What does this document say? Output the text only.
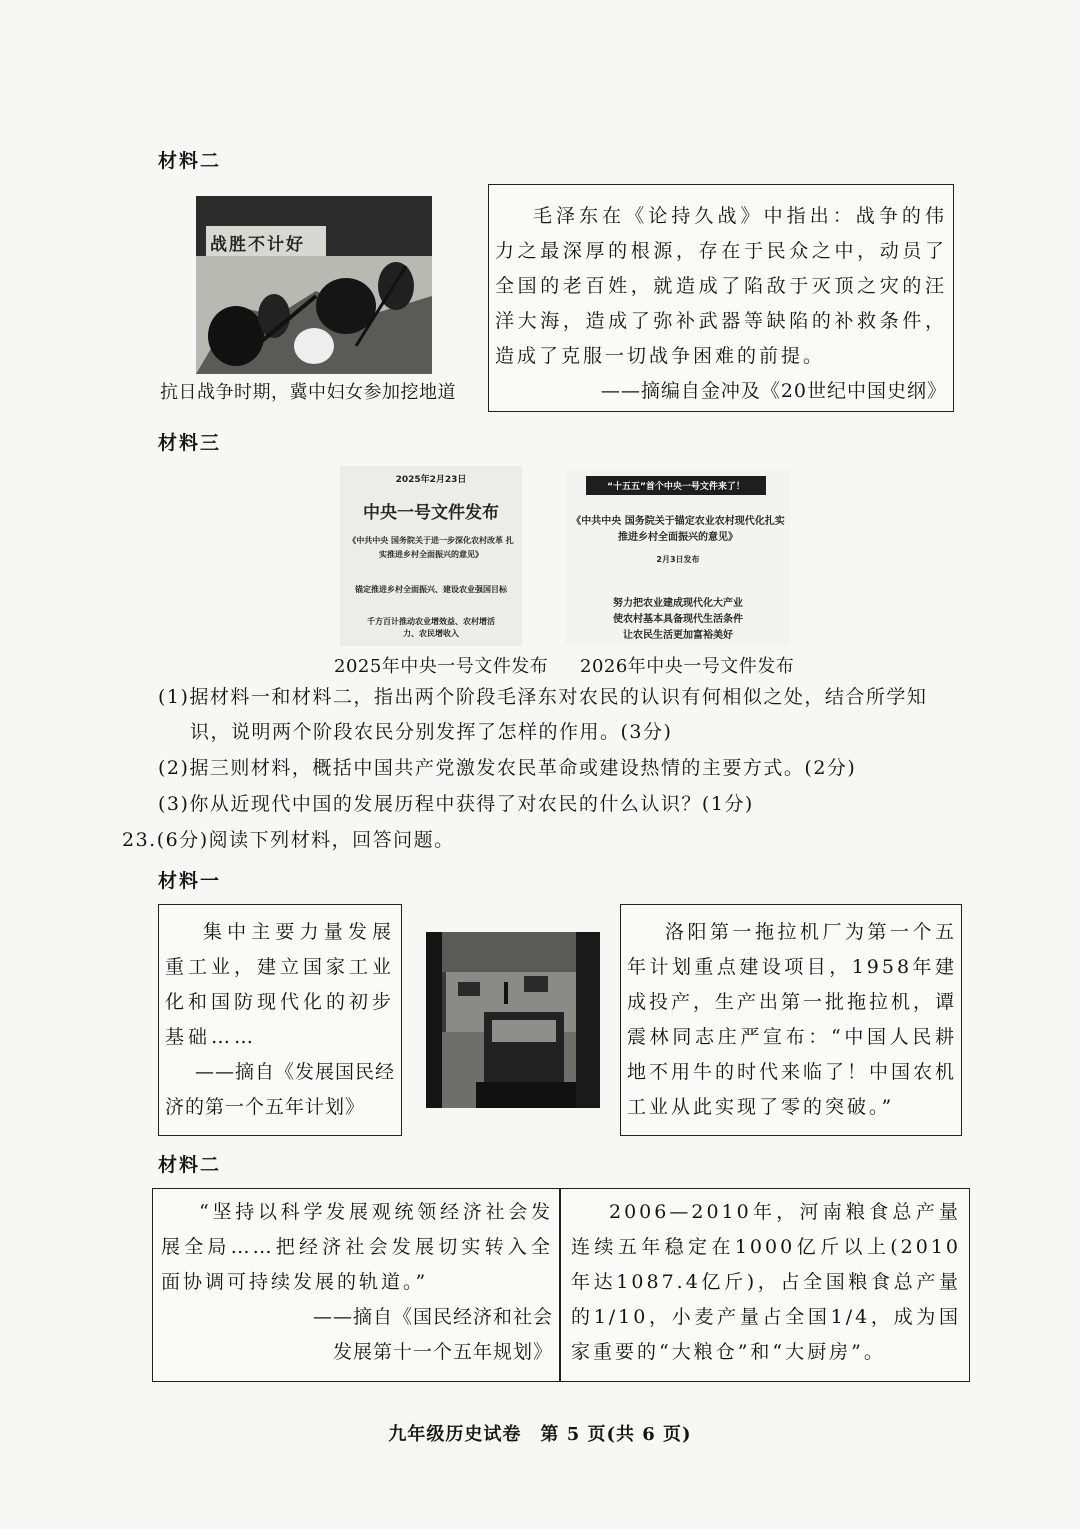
材料二
战胜不计好
抗日战争时期，冀中妇女参加挖地道

毛泽东在《论持久战》中指出：战争的伟力之最深厚的根源，存在于民众之中，动员了全国的老百姓，就造成了陷敌于灭顶之灾的汪洋大海，造成了弥补武器等缺陷的补救条件，造成了克服一切战争困难的前提。

——摘编自金冲及《20世纪中国史纲》

材料三
2025年2月23日
中央一号文件发布
《中共中央 国务院关于进一步深化农村改革 扎实推进乡村全面振兴的意见》
锚定推进乡村全面振兴、建设农业强国目标
千方百计推动农业增效益、农村增活力、农民增收入
2025年中央一号文件发布
“十五五”首个中央一号文件来了！
《中共中央 国务院关于锚定农业农村现代化扎实推进乡村全面振兴的意见》
2月3日发布
努力把农业建成现代化大产业
使农村基本具备现代生活条件
让农民生活更加富裕美好
2026年中央一号文件发布
(1)据材料一和材料二，指出两个阶段毛泽东对农民的认识有何相似之处，结合所学知
识，说明两个阶段农民分别发挥了怎样的作用。(3分)
(2)据三则材料，概括中国共产党激发农民革命或建设热情的主要方式。(2分)
(3)你从近现代中国的发展历程中获得了对农民的什么认识？(1分)
23.(6分)阅读下列材料，回答问题。
材料一

集中主要力量发展重工业，建立国家工业化和国防现代化的初步基础……

——摘自《发展国民经

济的第一个五年计划》

洛阳第一拖拉机厂为第一个五年计划重点建设项目，1958年建成投产，生产出第一批拖拉机，谭震林同志庄严宣布：“中国人民耕地不用牛的时代来临了！中国农机工业从此实现了零的突破。”

材料二

“坚持以科学发展观统领经济社会发展全局……把经济社会发展切实转入全面协调可持续发展的轨道。”

——摘自《国民经济和社会

发展第十一个五年规划》

2006—2010年，河南粮食总产量连续五年稳定在1000亿斤以上(2010年达1087.4亿斤)，占全国粮食总产量的1/10，小麦产量占全国1/4，成为国家重要的“大粮仓”和“大厨房”。

九年级历史试卷　第 5 页(共 6 页)
